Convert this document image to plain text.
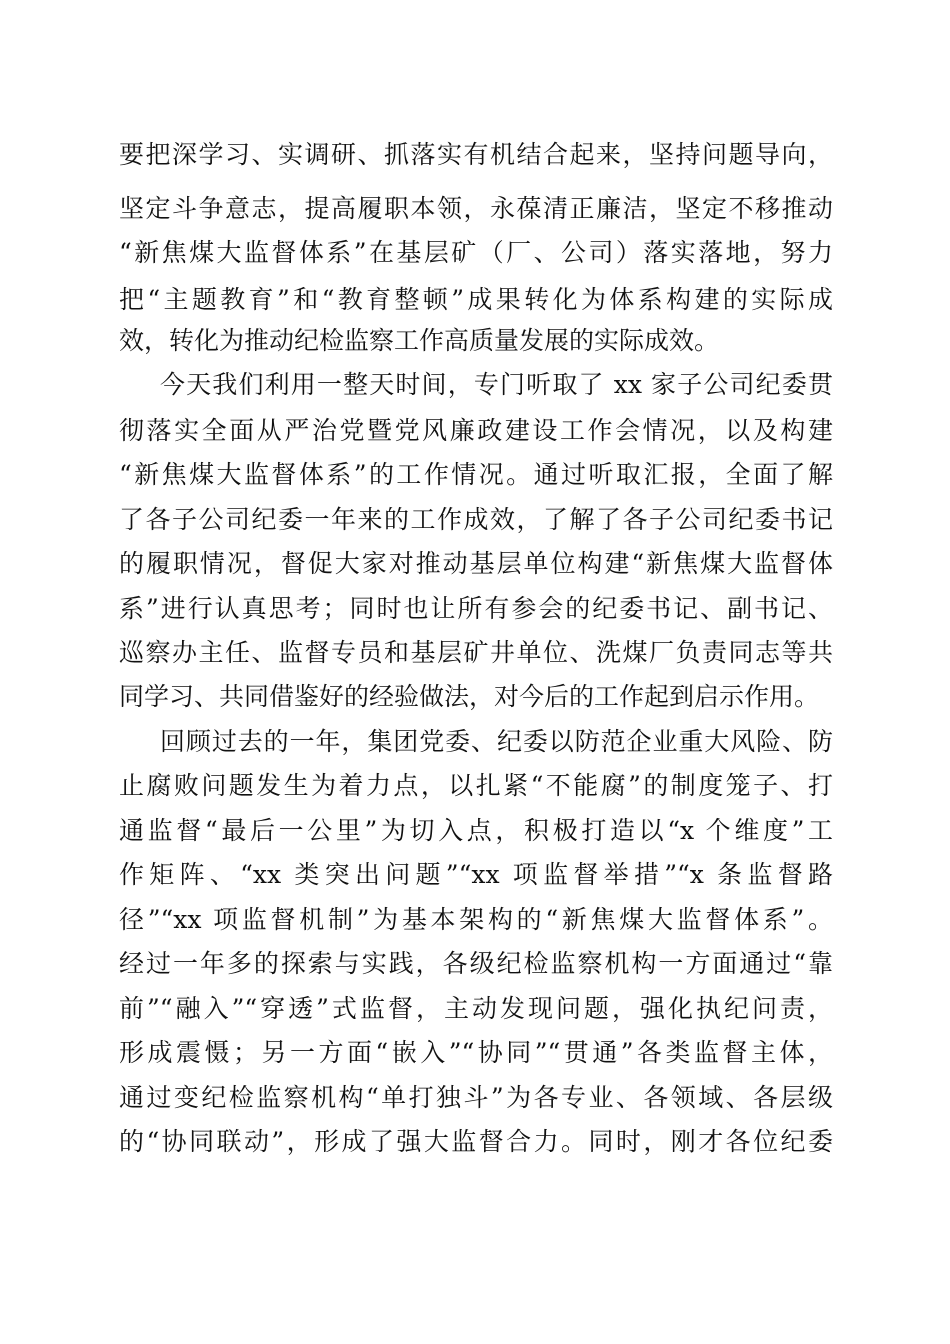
要把深学习、实调研、抓落实有机结合起来，坚持问题导向，
坚定斗争意志，提高履职本领，永葆清正廉洁，坚定不移推动
“新焦煤大监督体系”在基层矿（厂、公司）落实落地，努力
把“主题教育”和“教育整顿”成果转化为体系构建的实际成
效，转化为推动纪检监察工作高质量发展的实际成效。
今天我们利用一整天时间，专门听取了 xx 家子公司纪委贯
彻落实全面从严治党暨党风廉政建设工作会情况，以及构建
“新焦煤大监督体系”的工作情况。通过听取汇报，全面了解
了各子公司纪委一年来的工作成效，了解了各子公司纪委书记
的履职情况，督促大家对推动基层单位构建“新焦煤大监督体
系”进行认真思考；同时也让所有参会的纪委书记、副书记、
巡察办主任、监督专员和基层矿井单位、洗煤厂负责同志等共
同学习、共同借鉴好的经验做法，对今后的工作起到启示作用。
回顾过去的一年，集团党委、纪委以防范企业重大风险、防
止腐败问题发生为着力点，以扎紧“不能腐”的制度笼子、打
通监督“最后一公里”为切入点，积极打造以“x 个维度”工
作矩阵、“xx 类突出问题”“xx 项监督举措”“x 条监督路
径”“xx 项监督机制”为基本架构的“新焦煤大监督体系”。
经过一年多的探索与实践，各级纪检监察机构一方面通过“靠
前”“融入”“穿透”式监督，主动发现问题，强化执纪问责，
形成震慑；另一方面“嵌入”“协同”“贯通”各类监督主体，
通过变纪检监察机构“单打独斗”为各专业、各领域、各层级
的“协同联动”，形成了强大监督合力。同时，刚才各位纪委
